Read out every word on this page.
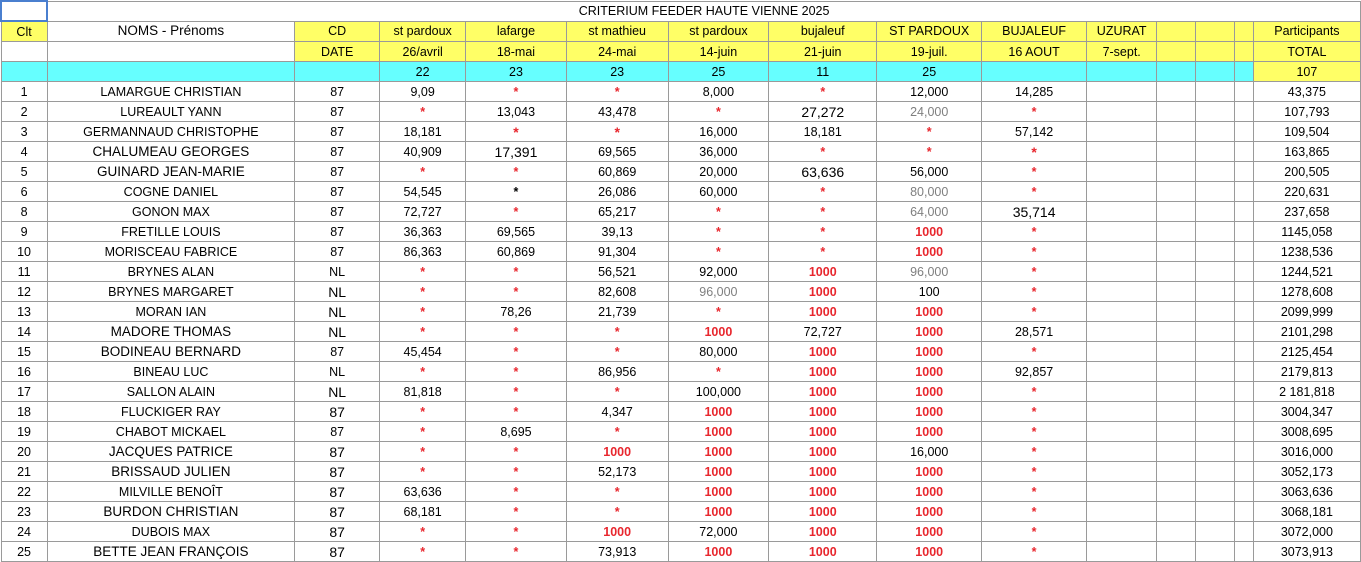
	CRITERIUM FEEDER HAUTE VIENNE 2025													
Clt	NOMS - Prénoms	CD	st pardoux	lafarge	st mathieu	st pardoux	bujaleuf	ST PARDOUX	BUJALEUF	UZURAT				Participants
		DATE	26/avril	18-mai	24-mai	14-juin	21-juin	19-juil.	16 AOUT	7-sept.				TOTAL
			22	23	23	25	11	25						107
1	LAMARGUE CHRISTIAN	87	9,09	*	*	8,000	*	12,000	14,285					43,375
2	LUREAULT YANN	87	*	13,043	43,478	*	27,272	24,000	*					107,793
3	GERMANNAUD CHRISTOPHE	87	18,181	*	*	16,000	18,181	*	57,142					109,504
4	CHALUMEAU GEORGES	87	40,909	17,391	69,565	36,000	*	*	*					163,865
5	GUINARD JEAN-MARIE	87	*	*	60,869	20,000	63,636	56,000	*					200,505
6	COGNE DANIEL	87	54,545	*	26,086	60,000	*	80,000	*					220,631
8	GONON MAX	87	72,727	*	65,217	*	*	64,000	35,714					237,658
9	FRETILLE LOUIS	87	36,363	69,565	39,13	*	*	1000	*					1145,058
10	MORISCEAU FABRICE	87	86,363	60,869	91,304	*	*	1000	*					1238,536
11	BRYNES ALAN	NL	*	*	56,521	92,000	1000	96,000	*					1244,521
12	BRYNES MARGARET	NL	*	*	82,608	96,000	1000	100	*					1278,608
13	MORAN IAN	NL	*	78,26	21,739	*	1000	1000	*					2099,999
14	MADORE THOMAS	NL	*	*	*	1000	72,727	1000	28,571					2101,298
15	BODINEAU BERNARD	87	45,454	*	*	80,000	1000	1000	*					2125,454
16	BINEAU LUC	NL	*	*	86,956	*	1000	1000	92,857					2179,813
17	SALLON ALAIN	NL	81,818	*	*	100,000	1000	1000	*					2 181,818
18	FLUCKIGER RAY	87	*	*	4,347	1000	1000	1000	*					3004,347
19	CHABOT MICKAEL	87	*	8,695	*	1000	1000	1000	*					3008,695
20	JACQUES PATRICE	87	*	*	1000	1000	1000	16,000	*					3016,000
21	BRISSAUD JULIEN	87	*	*	52,173	1000	1000	1000	*					3052,173
22	MILVILLE BENOÎT	87	63,636	*	*	1000	1000	1000	*					3063,636
23	BURDON CHRISTIAN	87	68,181	*	*	1000	1000	1000	*					3068,181
24	DUBOIS MAX	87	*	*	1000	72,000	1000	1000	*					3072,000
25	BETTE JEAN FRANÇOIS	87	*	*	73,913	1000	1000	1000	*					3073,913
